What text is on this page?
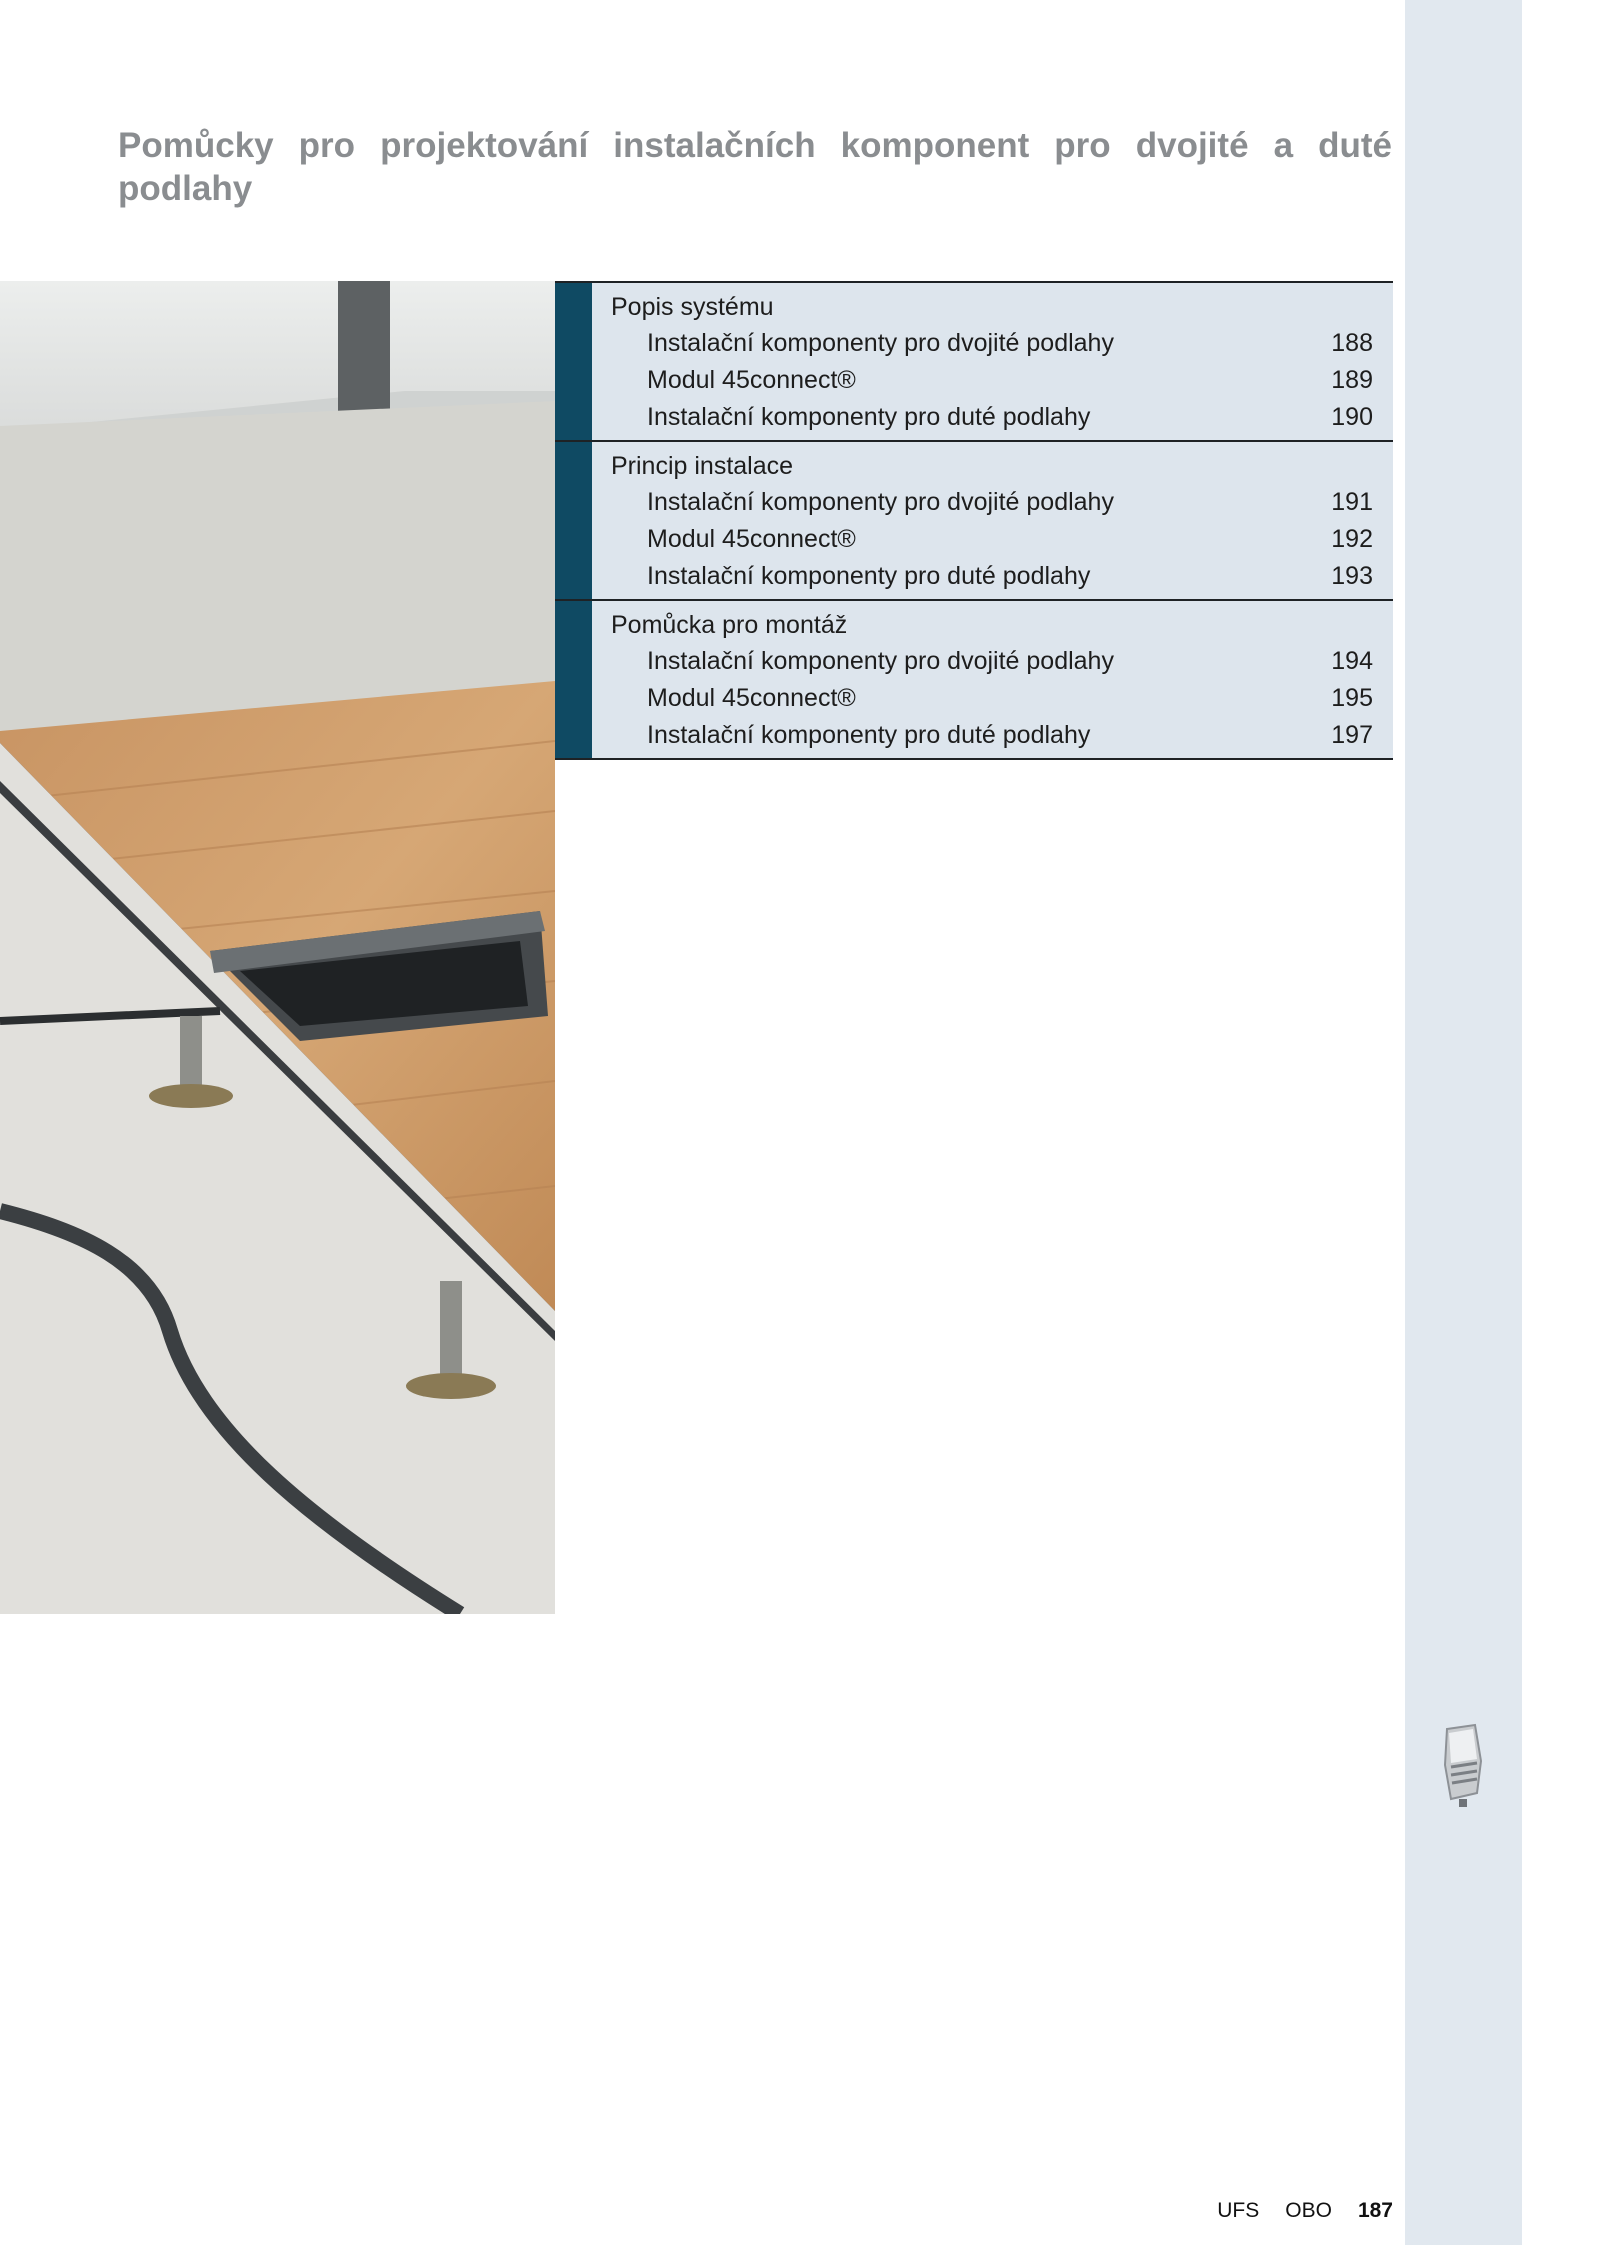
Pomůcky pro projektování instalačních komponent pro dvojité a duté podlahy
Popis systému
Instalační komponenty pro dvojité podlahy	188
Modul 45connect®	189
Instalační komponenty pro duté podlahy	190
Princip instalace
Instalační komponenty pro dvojité podlahy	191
Modul 45connect®	192
Instalační komponenty pro duté podlahy	193
Pomůcka pro montáž
Instalační komponenty pro dvojité podlahy	194
Modul 45connect®	195
Instalační komponenty pro duté podlahy	197
UFS OBO 187
